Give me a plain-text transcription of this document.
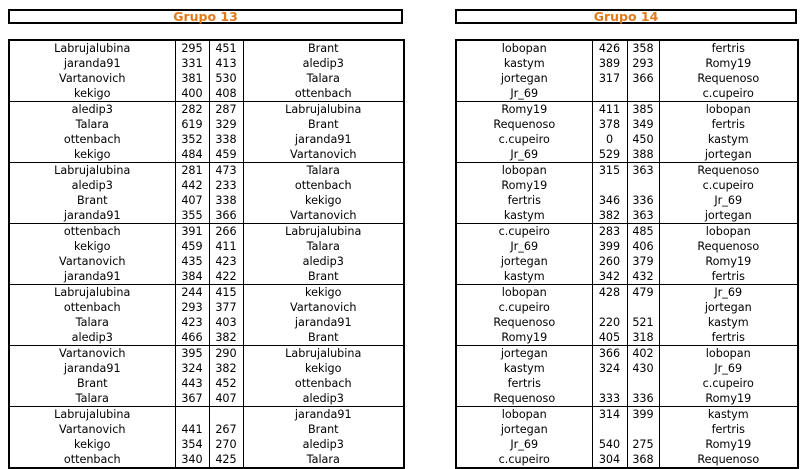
Grupo 13
Labrujalubina	295	451	Brant
jaranda91	331	413	aledip3
Vartanovich	381	530	Talara
kekigo	400	408	ottenbach
aledip3	282	287	Labrujalubina
Talara	619	329	Brant
ottenbach	352	338	jaranda91
kekigo	484	459	Vartanovich
Labrujalubina	281	473	Talara
aledip3	442	233	ottenbach
Brant	407	338	kekigo
jaranda91	355	366	Vartanovich
ottenbach	391	266	Labrujalubina
kekigo	459	411	Talara
Vartanovich	435	423	aledip3
jaranda91	384	422	Brant
Labrujalubina	244	415	kekigo
ottenbach	293	377	Vartanovich
Talara	423	403	jaranda91
aledip3	466	382	Brant
Vartanovich	395	290	Labrujalubina
jaranda91	324	382	kekigo
Brant	443	452	ottenbach
Talara	367	407	aledip3
Labrujalubina			jaranda91
Vartanovich	441	267	Brant
kekigo	354	270	aledip3
ottenbach	340	425	Talara
Grupo 14
lobopan	426	358	fertris
kastym	389	293	Romy19
jortegan	317	366	Requenoso
Jr_69			c.cupeiro
Romy19	411	385	lobopan
Requenoso	378	349	fertris
c.cupeiro	0	450	kastym
Jr_69	529	388	jortegan
lobopan	315	363	Requenoso
Romy19			c.cupeiro
fertris	346	336	Jr_69
kastym	382	363	jortegan
c.cupeiro	283	485	lobopan
Jr_69	399	406	Requenoso
jortegan	260	379	Romy19
kastym	342	432	fertris
lobopan	428	479	Jr_69
c.cupeiro			jortegan
Requenoso	220	521	kastym
Romy19	405	318	fertris
jortegan	366	402	lobopan
kastym	324	430	Jr_69
fertris			c.cupeiro
Requenoso	333	336	Romy19
lobopan	314	399	kastym
jortegan			fertris
Jr_69	540	275	Romy19
c.cupeiro	304	368	Requenoso
